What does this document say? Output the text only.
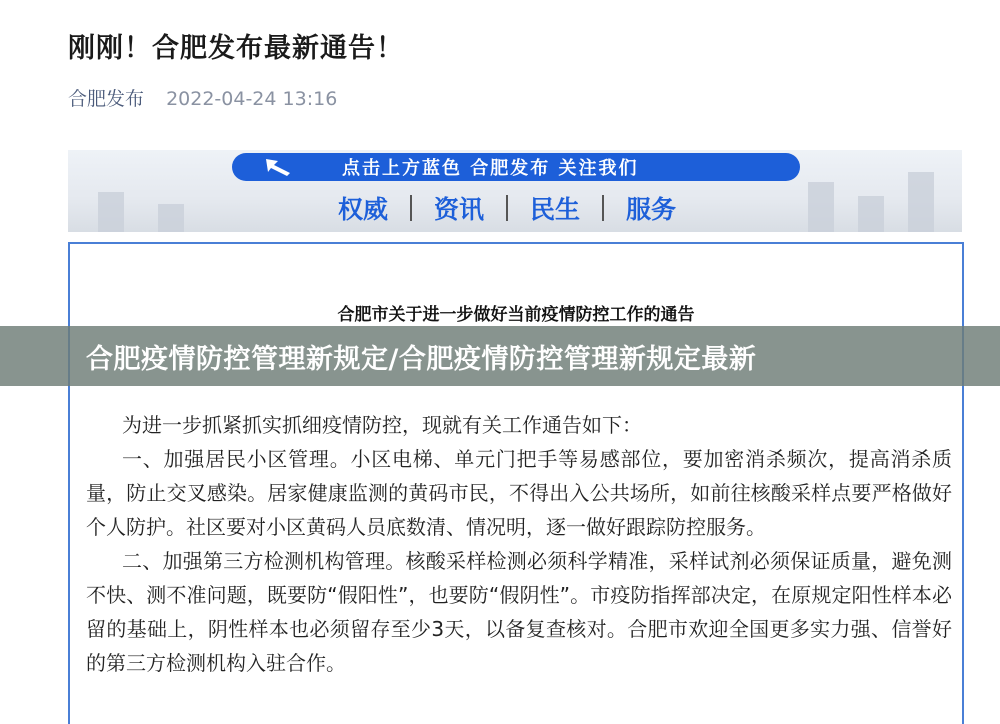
刚刚！合肥发布最新通告！
合肥发布 2022-04-24 13:16
点击上方蓝色 合肥发布 关注我们
权威 资讯 民生 服务
合肥市关于进一步做好当前疫情防控工作的通告

为进一步抓紧抓实抓细疫情防控，现就有关工作通告如下：

一、加强居民小区管理。小区电梯、单元门把手等易感部位，要加密消杀频次，提高消杀质量，防止交叉感染。居家健康监测的黄码市民，不得出入公共场所，如前往核酸采样点要严格做好个人防护。社区要对小区黄码人员底数清、情况明，逐一做好跟踪防控服务。

二、加强第三方检测机构管理。核酸采样检测必须科学精准，采样试剂必须保证质量，避免测不快、测不准问题，既要防“假阳性”，也要防“假阴性”。市疫防指挥部决定，在原规定阳性样本必留的基础上，阴性样本也必须留存至少3天，以备复查核对。合肥市欢迎全国更多实力强、信誉好的第三方检测机构入驻合作。

合肥疫情防控管理新规定/合肥疫情防控管理新规定最新
